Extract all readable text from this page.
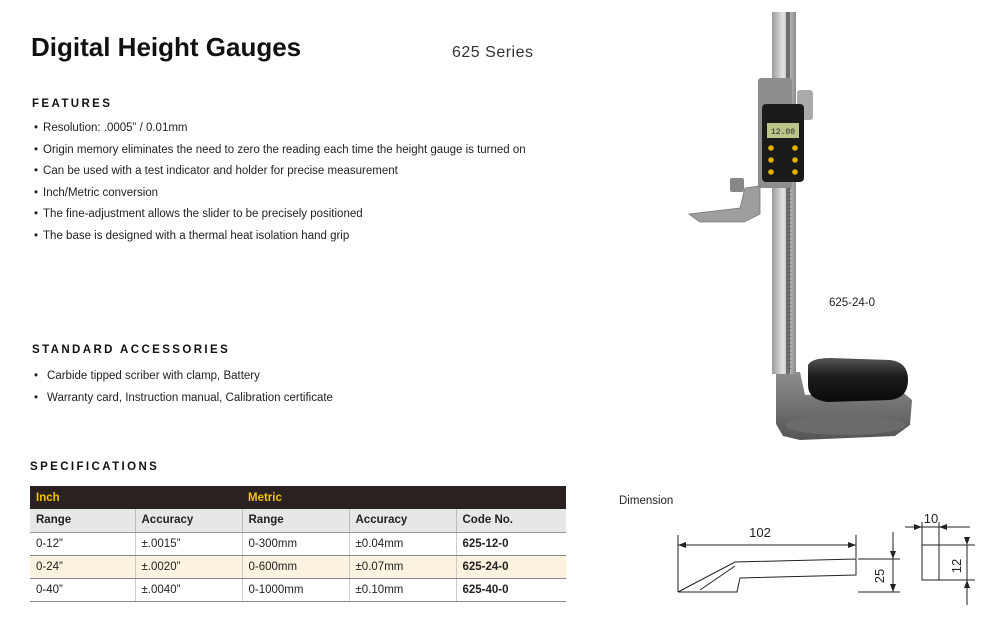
Digital Height Gauges	625 Series
FEATURES
• Resolution: .0005” / 0.01mm
• Origin memory eliminates the need to zero the reading each time the height gauge is turned on
• Can be used with a test indicator and holder for precise measurement
• Inch/Metric conversion
• The fine-adjustment allows the slider to be precisely positioned
• The base is designed with a thermal heat isolation hand grip
STANDARD ACCESSORIES
• Carbide tipped scriber with clamp, Battery
• Warranty card, Instruction manual, Calibration certificate
SPECIFICATIONS
Inch		Metric		
Range	Accuracy	Range	Accuracy	Code No.
0-12”	±.0015”	0-300mm	±0.04mm	625-12-0
0-24”	±.0020”	0-600mm	±0.07mm	625-24-0
0-40”	±.0040”	0-1000mm	±0.10mm	625-40-0
12.00
625-24-0
Dimension
102
25
10
12
